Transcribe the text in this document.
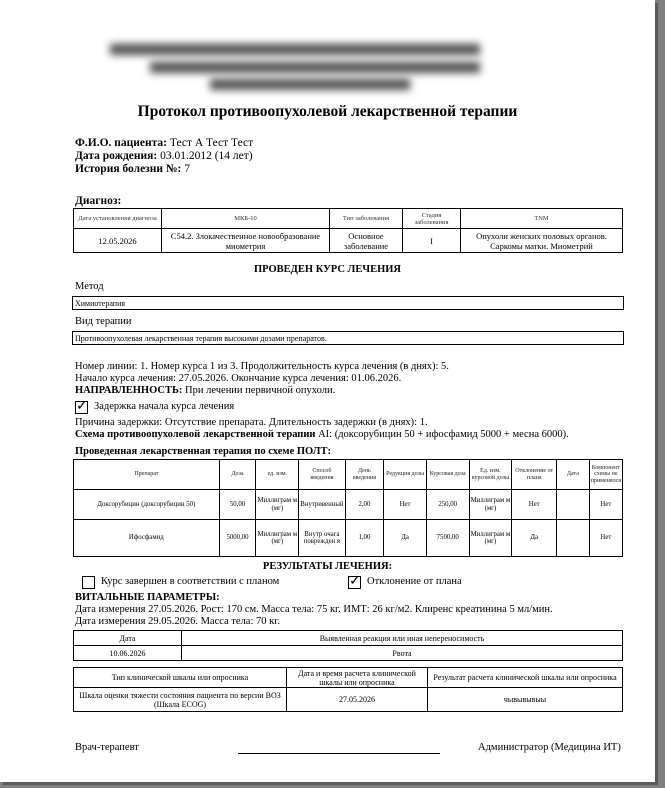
▆▆▆▆▆▆▆▆▆▆▆▆▆▆▆▆▆▆▆▆▆▆▆▆▆▆▆▆▆▆▆▆▆▆▆▆▆
▆▆▆▆▆▆▆▆▆▆▆▆▆▆▆▆▆▆▆▆▆▆▆▆▆▆▆▆▆▆▆▆▆
▆▆▆▆▆▆▆▆▆▆▆▆▆▆▆▆▆▆▆▆
Протокол противоопухолевой лекарственной терапии
Ф.И.О. пациента: Тест А Тест Тест
Дата рождения: 03.01.2012 (14 лет)
История болезни №: 7
Диагноз:
Дата установления диагноза	МКБ-10	Тип заболевания	Стадия заболевания	TNM
12.05.2026	C54.2. Злокачественное новообразование миометрия	Основное заболевание	I	Опухоли женских половых органов. Саркомы матки. Миометрий
ПРОВЕДЕН КУРС ЛЕЧЕНИЯ
Метод
Химиотерапия
Вид терапии
Противоопухолевая лекарственная терапия высокими дозами препаратов.
Номер линии: 1. Номер курса 1 из 3. Продолжительность курса лечения (в днях): 5.
Начало курса лечения: 27.05.2026. Окончание курса лечения: 01.06.2026.
НАПРАВЛЕННОСТЬ: При лечении первичной опухоли.
✓ Задержка начала курса лечения
Причина задержки: Отсутствие препарата. Длительность задержки (в днях): 1.
Схема противоопухолевой лекарственной терапии AI: (доксорубицин 50 + ифосфамид 5000 + месна 6000).
Проведенная лекарственная терапия по схеме ПОЛТ:
Препарат	Доза	ед. изм.	Способ введения	День введения	Редукция дозы	Курсовая доза	Ед. изм. курсовой дозы	Отклонение от плана	Дата	Компонент схемы не применялся
Доксорубицин (доксорубицин 50)	50,00	Миллиграм м (мг)	Внутривенный	2,00	Нет	250,00	Миллиграм м (мг)	Нет		Нет
Ифосфамид	5000,00	Миллиграм м (мг)	Внутр очага поврежден я	1,00	Да	7500,00	Миллиграм м (мг)	Да		Нет
РЕЗУЛЬТАТЫ ЛЕЧЕНИЯ:
Курс завершен в соответствии с планом	✓ Отклонение от плана
ВИТАЛЬНЫЕ ПАРАМЕТРЫ:
Дата измерения 27.05.2026. Рост: 170 см. Масса тела: 75 кг. ИМТ: 26 кг/м2. Клиренс креатинина 5 мл/мин.
Дата измерения 29.05.2026. Масса тела: 70 кг.
Дата	Выявленная реакция или иная непереносимость
10.06.2026	Рвота
Тип клинической шкалы или опросника	Дата и время расчета клинической шкалы или опросника	Результат расчета клинической шкалы или опросника
Шкала оценки тяжести состояния пациента по версии ВОЗ (Шкала ECOG)	27.05.2026	чывывывыы
Врач-терапевт	Администратор (Медицина ИТ)
